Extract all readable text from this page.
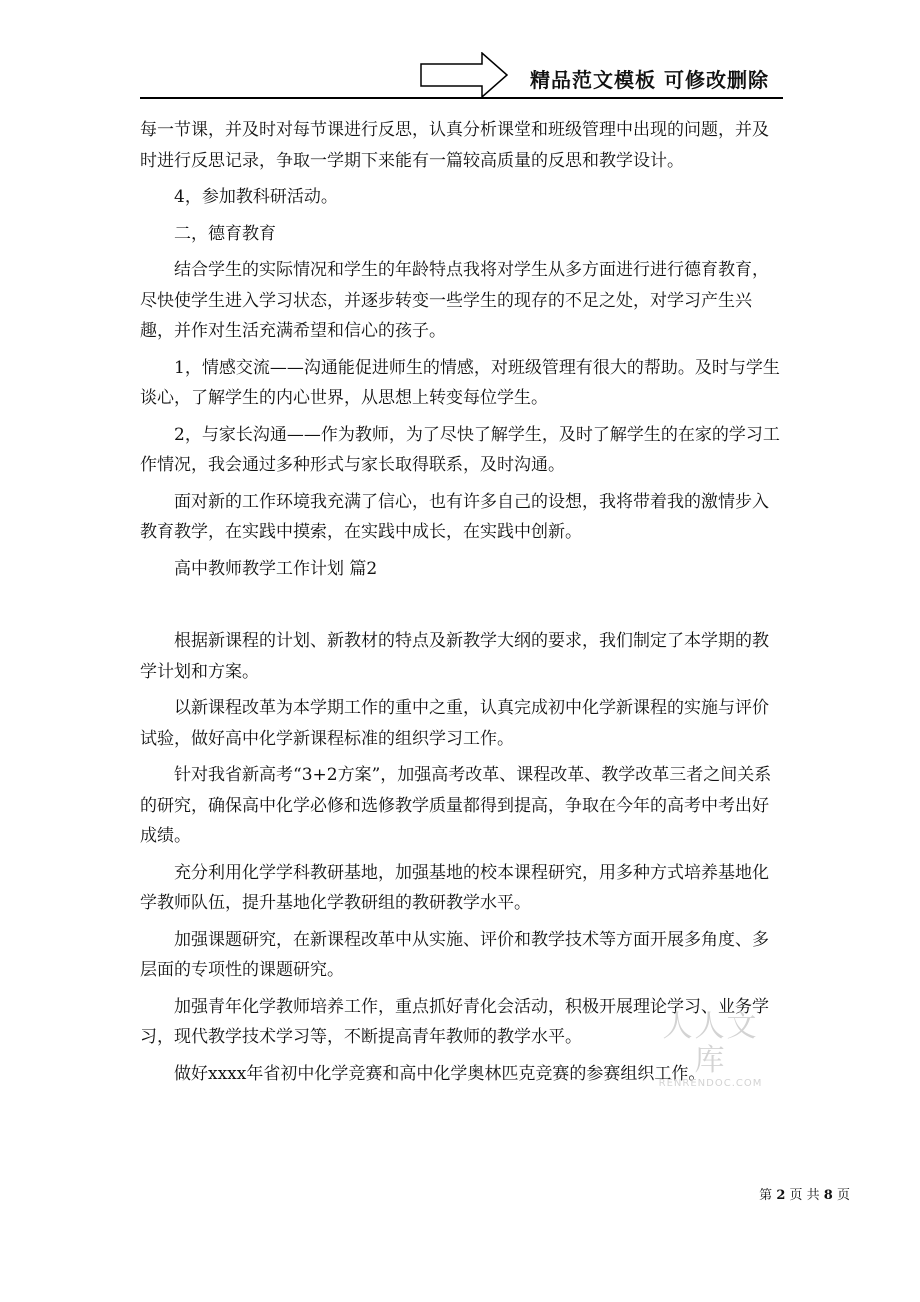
精品范文模板 可修改删除

每一节课，并及时对每节课进行反思，认真分析课堂和班级管理中出现的问题，并及时进行反思记录，争取一学期下来能有一篇较高质量的反思和教学设计。

4，参加教科研活动。

二，德育教育

结合学生的实际情况和学生的年龄特点我将对学生从多方面进行进行德育教育，尽快使学生进入学习状态，并逐步转变一些学生的现存的不足之处，对学习产生兴趣，并作对生活充满希望和信心的孩子。

1，情感交流——沟通能促进师生的情感，对班级管理有很大的帮助。及时与学生谈心，了解学生的内心世界，从思想上转变每位学生。

2，与家长沟通——作为教师，为了尽快了解学生，及时了解学生的在家的学习工作情况，我会通过多种形式与家长取得联系，及时沟通。

面对新的工作环境我充满了信心，也有许多自己的设想，我将带着我的激情步入教育教学，在实践中摸索，在实践中成长，在实践中创新。

高中教师教学工作计划 篇2

根据新课程的计划、新教材的特点及新教学大纲的要求，我们制定了本学期的教学计划和方案。

以新课程改革为本学期工作的重中之重，认真完成初中化学新课程的实施与评价试验，做好高中化学新课程标准的组织学习工作。

针对我省新高考“3+2方案”，加强高考改革、课程改革、教学改革三者之间关系的研究，确保高中化学必修和选修教学质量都得到提高，争取在今年的高考中考出好成绩。

充分利用化学学科教研基地，加强基地的校本课程研究，用多种方式培养基地化学教师队伍，提升基地化学教研组的教研教学水平。

加强课题研究，在新课程改革中从实施、评价和教学技术等方面开展多角度、多层面的专项性的课题研究。

加强青年化学教师培养工作，重点抓好青化会活动，积极开展理论学习、业务学习，现代教学技术学习等，不断提高青年教师的教学水平。

做好xxxx年省初中化学竞赛和高中化学奥林匹克竞赛的参赛组织工作。

人人文库
RENRENDOC.COM
第 2 页 共 8 页
